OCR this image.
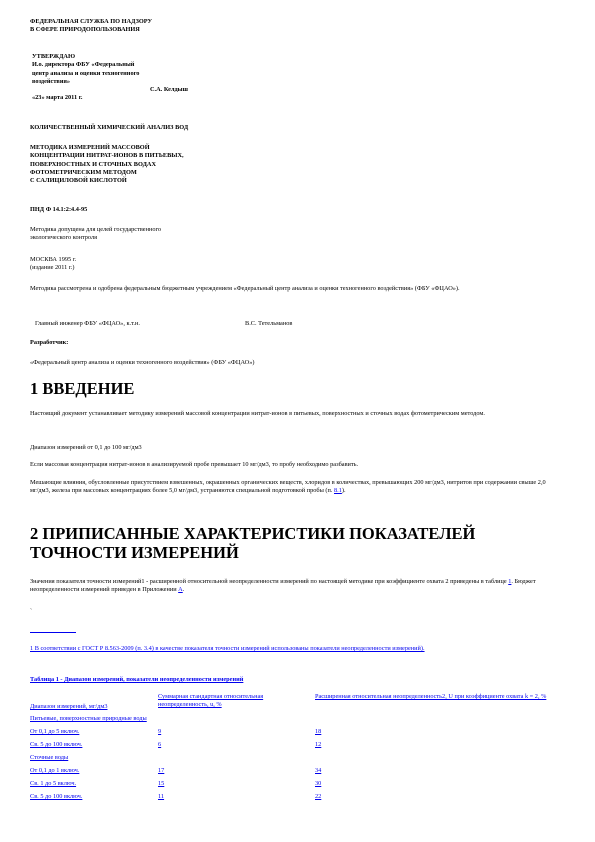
ФЕДЕРАЛЬНАЯ СЛУЖБА ПО НАДЗОРУ
В СФЕРЕ ПРИРОДОПОЛЬЗОВАНИЯ
УТВЕРЖДАЮ
И.о. директора ФБУ «Федеральный
центр анализа и оценки техногенного
воздействия»
С.А. Келдыш
«23» марта 2011 г.
КОЛИЧЕСТВЕННЫЙ ХИМИЧЕСКИЙ АНАЛИЗ ВОД
МЕТОДИКА ИЗМЕРЕНИЙ МАССОВОЙ
КОНЦЕНТРАЦИИ НИТРАТ-ИОНОВ В ПИТЬЕВЫХ,
ПОВЕРХНОСТНЫХ И СТОЧНЫХ ВОДАХ
ФОТОМЕТРИЧЕСКИМ МЕТОДОМ
С САЛИЦИЛОВОЙ КИСЛОТОЙ
ПНД Ф 14.1:2:4.4-95
Методика допущена для целей государственного
экологического контроля
МОСКВА 1995 г.
(издание 2011 г.)
Методика рассмотрена и одобрена федеральным бюджетным учреждением «Федеральный центр анализа и оценки техногенного воздействия» (ФБУ «ФЦАО»).
Главный инженер ФБУ «ФЦАО», к.т.н.	В.С. Тетельманов
Разработчик:
«Федеральный центр анализа и оценки техногенного воздействия» (ФБУ «ФЦАО»)
1 ВВЕДЕНИЕ
Настоящий документ устанавливает методику измерений массовой концентрации нитрат-ионов в питьевых, поверхностных и сточных водах фотометрическим методом.
Диапазон измерений от 0,1 до 100 мг/дм3
Если массовая концентрация нитрат-ионов в анализируемой пробе превышает 10 мг/дм3, то пробу необходимо разбавить.
Мешающие влияния, обусловленные присутствием взвешенных, окрашенных органических веществ, хлоридов в количествах, превышающих 200 мг/дм3, нитритов при содержании свыше 2,0 мг/дм3, железа при массовых концентрациях более 5,0 мг/дм3, устраняются специальной подготовкой пробы (п. 8.1).
2 ПРИПИСАННЫЕ ХАРАКТЕРИСТИКИ ПОКАЗАТЕЛЕЙ ТОЧНОСТИ ИЗМЕРЕНИЙ
Значения показателя точности измерений1 - расширенной относительной неопределенности измерений по настоящей методике при коэффициенте охвата 2 приведены в таблице 1. Бюджет неопределенности измерений приведен в Приложении А.
`
1 В соответствии с ГОСТ Р 8.563-2009 (п. 3.4) в качестве показателя точности измерений использованы показатели неопределенности измерений).
Таблица 1 - Диапазон измерений, показатели неопределенности измерений
Диапазон измерений, мг/дм3
Суммарная стандартная относительная неопределенность, u, %
Расширенная относительная неопределенность2, U при коэффициенте охвата k = 2, %
Питьевые, поверхностные природные воды
От 0,1 до 5 включ.	9	18
Св. 5 до 100 включ.	6	12
Сточные воды
От 0,1 до 1 включ.	17	34
Св. 1 до 5 включ.	15	30
Св. 5 до 100 включ.	11	22
